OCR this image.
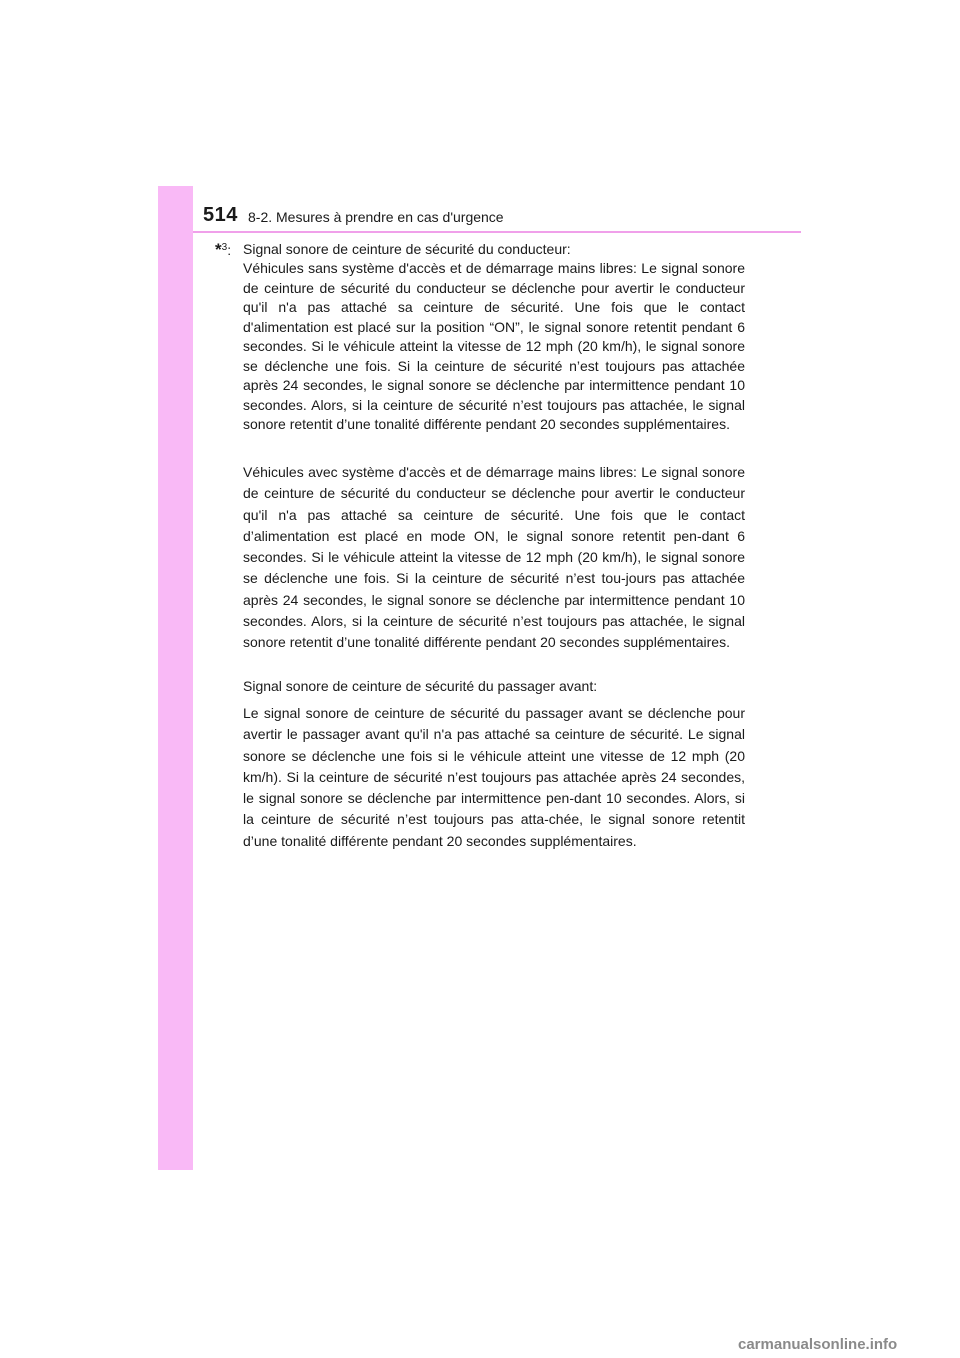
514 8-2. Mesures à prendre en cas d'urgence
*$^3$: Signal sonore de ceinture de sécurité du conducteur:

Véhicules sans système d'accès et de démarrage mains libres: Le signal sonore de ceinture de sécurité du conducteur se déclenche pour avertir le conducteur qu'il n'a pas attaché sa ceinture de sécurité. Une fois que le contact d'alimentation est placé sur la position “ON”, le signal sonore retentit pendant 6 secondes. Si le véhicule atteint la vitesse de 12 mph (20 km/h), le signal sonore se déclenche une fois. Si la ceinture de sécurité n’est toujours pas attachée après 24 secondes, le signal sonore se déclenche par intermittence pendant 10 secondes. Alors, si la ceinture de sécurité n’est toujours pas attachée, le signal sonore retentit d’une tonalité différente pendant 20 secondes supplémentaires.

Véhicules avec système d'accès et de démarrage mains libres: Le signal sonore de ceinture de sécurité du conducteur se déclenche pour avertir le conducteur qu'il n'a pas attaché sa ceinture de sécurité. Une fois que le contact d’alimentation est placé en mode ON, le signal sonore retentit pen-dant 6 secondes. Si le véhicule atteint la vitesse de 12 mph (20 km/h), le signal sonore se déclenche une fois. Si la ceinture de sécurité n’est tou-jours pas attachée après 24 secondes, le signal sonore se déclenche par intermittence pendant 10 secondes. Alors, si la ceinture de sécurité n’est toujours pas attachée, le signal sonore retentit d’une tonalité différente pendant 20 secondes supplémentaires.

Signal sonore de ceinture de sécurité du passager avant:

Le signal sonore de ceinture de sécurité du passager avant se déclenche pour avertir le passager avant qu'il n'a pas attaché sa ceinture de sécurité. Le signal sonore se déclenche une fois si le véhicule atteint une vitesse de 12 mph (20 km/h). Si la ceinture de sécurité n’est toujours pas attachée après 24 secondes, le signal sonore se déclenche par intermittence pen-dant 10 secondes. Alors, si la ceinture de sécurité n’est toujours pas atta-chée, le signal sonore retentit d’une tonalité différente pendant 20 secondes supplémentaires.

carmanualsonline.info
